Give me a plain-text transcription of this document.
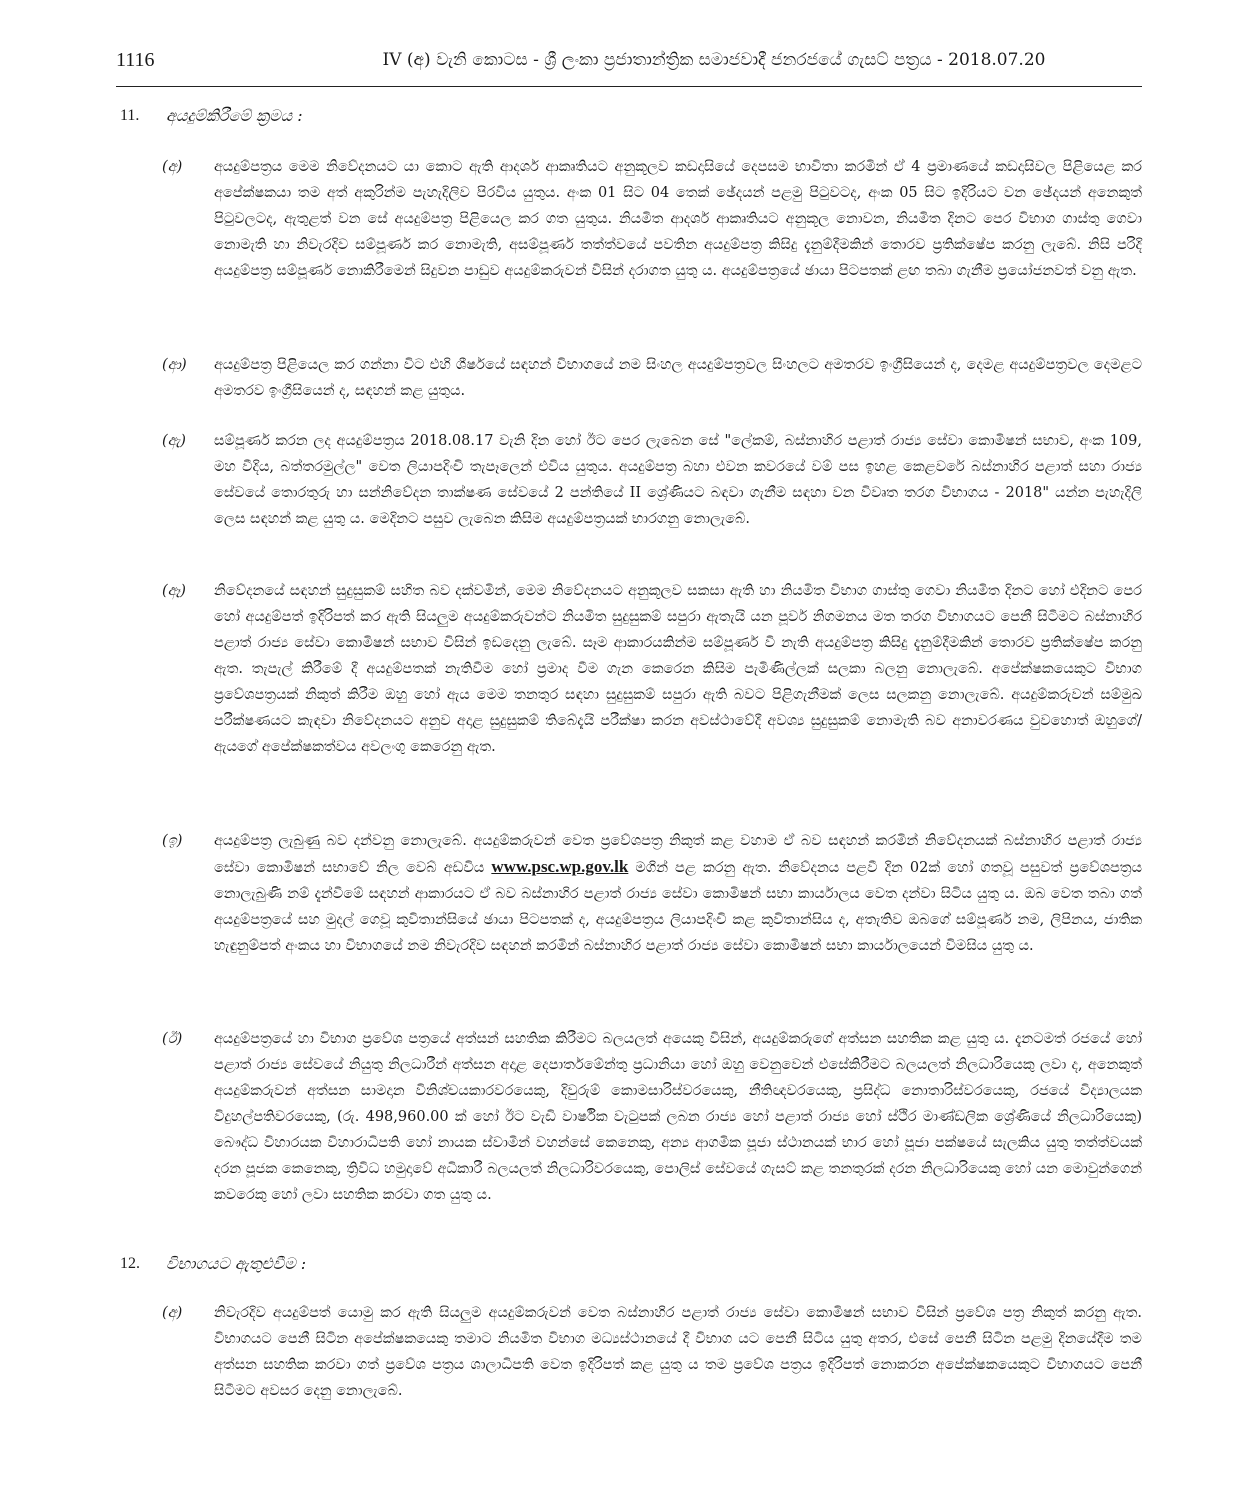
1116	IV (අ) වැනි කොටස - ශ්‍රී ලංකා ප්‍රජාතාන්ත්‍රික සමාජවාදී ජනරජයේ ගැසට් පත්‍රය - 2018.07.20
11.	අයදුම්කිරීමේ ක්‍රමය :
(අ)	අයදුම්පත්‍රය මෙම නිවේදනයට යා කොට ඇති ආදර්ශ ආකෘතියට අනුකූලව කඩදාසියේ දෙපසම භාවිතා කරමින් ඒ 4 ප්‍රමාණයේ කඩදාසිවල පිළියෙළ කර අපේක්ෂකයා තම අත් අකුරින්ම පැහැදිලිව පිරවිය යුතුය. අංක 01 සිට 04 තෙක් ඡේදයන් පළමු පිටුවටද, අංක 05 සිට ඉදිරියට වන ඡේදයන් අනෙකුත් පිටුවලටද, ඇතුළත් වන සේ අයදුම්පත්‍ර පිළියෙල කර ගත යුතුය. නියමිත ආදර්ශ ආකෘතියට අනුකූල නොවන, නියමිත දිනට පෙර විභාග ගාස්තු ගෙවා නොමැති හා නිවැරදිව සම්පූර්ණ කර නොමැති, අසම්පූර්ණ තත්ත්වයේ පවතින අයදුම්පත්‍ර කිසිදු දැනුම්දීමකින් තොරව ප්‍රතික්ෂේප කරනු ලැබේ. නිසි පරිදි අයදුම්පත්‍ර සම්පූර්ණ නොකිරීමෙන් සිදුවන පාඩුව අයදුම්කරුවන් විසින් දරාගත යුතු ය. අයදුම්පත්‍රයේ ඡායා පිටපතක් ළඟ තබා ගැනීම ප්‍රයෝජනවත් වනු ඇත.

(ආ)	අයදුම්පත්‍ර පිළියෙල කර ගන්නා විට එහි ශීර්ෂයේ සඳහන් විභාගයේ නම සිංහල අයදුම්පත්‍රවල සිංහලට අමතරව ඉංග්‍රීසියෙන් ද, දෙමළ අයදුම්පත්‍රවල දෙමළට අමතරව ඉංග්‍රීසියෙන් ද, සඳහන් කළ යුතුය.

(ඇ)	සම්පූර්ණ කරන ලද අයදුම්පත්‍රය 2018.08.17 වැනි දින හෝ ඊට පෙර ලැබෙන සේ "ලේකම්, බස්නාහිර පළාත් රාජ්‍ය සේවා කොමිෂන් සභාව, අංක 109, මහ වීදිය, බත්තරමුල්ල" වෙත ලියාපදිංචි තැපෑලෙන් එවිය යුතුය. අයදුම්පත්‍ර බහා එවන කවරයේ වම් පස ඉහළ කෙළවරේ බස්නාහිර පළාත් සහා රාජ්‍ය සේවයේ තොරතුරු හා සන්නිවේදන තාක්ෂණ සේවයේ 2 පන්තියේ II ශ්‍රේණියට බඳවා ගැනීම සඳහා වන විවෘත තරග විභාගය - 2018" යන්න පැහැදිලි ලෙස සඳහන් කළ යුතු ය. මෙදිනට පසුව ලැබෙන කිසිම අයදුම්පත්‍රයක් භාරගනු නොලැබේ.

(ඈ)	නිවේදනයේ සඳහන් සුදුසුකම් සහිත බව දක්වමින්, මෙම නිවේදනයට අනුකූලව සකසා ඇති හා නියමිත විභාග ගාස්තු ගෙවා නියමිත දිනට හෝ එදිනට පෙර හෝ අයදුම්පත් ඉදිරිපත් කර ඇති සියලුම අයදුම්කරුවන්ට නියමිත සුදුසුකම් සපුරා ඇතැයි යන පූර්ව නිගමනය මත තරග විභාගයට පෙනී සිටීමට බස්නාහිර පළාත් රාජ්‍ය සේවා කොමිෂන් සභාව විසින් ඉඩදෙනු ලැබේ. සෑම ආකාරයකින්ම සම්පූර්ණ වී නැති අයදුම්පත්‍ර කිසිදු දැනුම්දීමකින් තොරව ප්‍රතික්ෂේප කරනු ඇත. තැපැල් කිරීමේ දී අයදුම්පතක් නැතිවීම හෝ ප්‍රමාද වීම ගැන කෙරෙන කිසිම පැමිණිල්ලක් සලකා බලනු නොලැබේ. අපේක්ෂකයෙකුට විභාග ප්‍රවේශපත්‍රයක් නිකුත් කිරීම ඔහු හෝ ඇය මෙම තනතුර සඳහා සුදුසුකම් සපුරා ඇති බවට පිළිගැනීමක් ලෙස සලකනු නොලැබේ. අයදුම්කරුවන් සම්මුඛ පරීක්ෂණයට කැඳවා නිවේදනයට අනුව අදාළ සුදුසුකම් තිබේදැයි පරීක්ෂා කරන අවස්ථාවේදී අවශ්‍ය සුදුසුකම් නොමැති බව අනාවරණය වුවහොත් ඔහුගේ/ඇයගේ අපේක්ෂකත්වය අවලංගු කෙරෙනු ඇත.

(ඉ)	අයදුම්පත්‍ර ලැබුණු බව දන්වනු නොලැබේ. අයදුම්කරුවන් වෙත ප්‍රවේශපත්‍ර නිකුත් කළ වහාම ඒ බව සඳහන් කරමින් නිවේදනයක් බස්නාහිර පළාත් රාජ්‍ය සේවා කොමිෂන් සභාවේ නිල වෙබ් අඩවිය www.psc.wp.gov.lk මගින් පළ කරනු ඇත. නිවේදනය පළවී දින 02ක් හෝ ගතවූ පසුවත් ප්‍රවේශපත්‍රය නොලැබුණි නම් දැන්වීමේ සඳහන් ආකාරයට ඒ බව බස්නාහිර පළාත් රාජ්‍ය සේවා කොමිෂන් සභා කාර්යාලය වෙත දන්වා සිටිය යුතු ය. ඔබ වෙත තබා ගත් අයදුම්පත්‍රයේ සහ මුදල් ගෙවූ කුවිතාන්සියේ ඡායා පිටපතක් ද, අයදුම්පත්‍රය ලියාපදිංචි කළ කුවිතාන්සිය ද, අතැතිව ඔබගේ සම්පූර්ණ නම, ලිපිනය, ජාතික හැඳුනුම්පත් අංකය හා විභාගයේ නම නිවැරදිව සඳහන් කරමින් බස්නාහිර පළාත් රාජ්‍ය සේවා කොමිෂන් සභා කාර්යාලයෙන් විමසිය යුතු ය.

(ඊ)	අයදුම්පත්‍රයේ හා විභාග ප්‍රවේශ පත්‍රයේ අත්සන් සහතික කිරීමට බලයලත් අයෙකු විසින්, අයදුම්කරුගේ අත්සන සහතික කළ යුතු ය. දැනටමත් රජයේ හෝ පළාත් රාජ්‍ය සේවයේ නියුතු නිලධාරීන් අත්සන අදාළ දෙපාර්තමේන්තු ප්‍රධානියා හෝ ඔහු වෙනුවෙන් එසේකිරීමට බලයලත් නිලධාරියෙකු ලවා ද, අනෙකුත් අයදුම්කරුවන් අත්සන සාමදාන විනිශ්චයකාරවරයෙකු, දිවුරුම් කොමසාරිස්වරයෙකු, නීතිඥවරයෙකු, ප්‍රසිද්ධ නොතාරිස්වරයෙකු, රජයේ විද්‍යාලයක විදුහල්පතිවරයෙකු, (රු. 498,960.00 ක් හෝ ඊට වැඩි වාර්ෂික වැටුපක් ලබන රාජ්‍ය හෝ පළාත් රාජ්‍ය හෝ ස්ථිර මාණ්ඩලික ශ්‍රේණියේ නිලධාරියෙකු) බෞද්ධ විහාරයක විහාරාධිපති හෝ නායක ස්වාමීන් වහන්සේ කෙනෙකු, අන්‍ය ආගමික පූජා ස්ථානයක් භාර හෝ පූජා පක්ෂයේ සැලකිය යුතු තත්ත්වයක් දරන පූජක කෙනෙකු, ත්‍රිවිධ හමුදාවේ අධිකාරී බලයලත් නිලධාරිවරයෙකු, පොලිස් සේවයේ ගැසට් කළ තනතුරක් දරන නිලධාරියෙකු හෝ යන මොවුන්ගෙන් කවරෙකු හෝ ලවා සහතික කරවා ගත යුතු ය.

12.	විභාගයට ඇතුළුවීම :
(අ)	නිවැරදිව අයදුම්පත් යොමු කර ඇති සියලුම අයදුම්කරුවන් වෙත බස්නාහිර පළාත් රාජ්‍ය සේවා කොමිෂන් සභාව විසින් ප්‍රවේශ පත්‍ර නිකුත් කරනු ඇත. විභාගයට පෙනී සිටින අපේක්ෂකයෙකු තමාට නියමිත විභාග මධ්‍යස්ථානයේ දී විභාග යට පෙනී සිටිය යුතු අතර, එසේ පෙනී සිටින පළමු දිනයේදීම තම අත්සන සහතික කරවා ගත් ප්‍රවේශ පත්‍රය ශාලාධිපති වෙත ඉදිරිපත් කළ යුතු ය තම ප්‍රවේශ පත්‍රය ඉදිරිපත් නොකරන අපේක්ෂකයෙකුට විභාගයට පෙනී සිටීමට අවසර දෙනු නොලැබේ.
